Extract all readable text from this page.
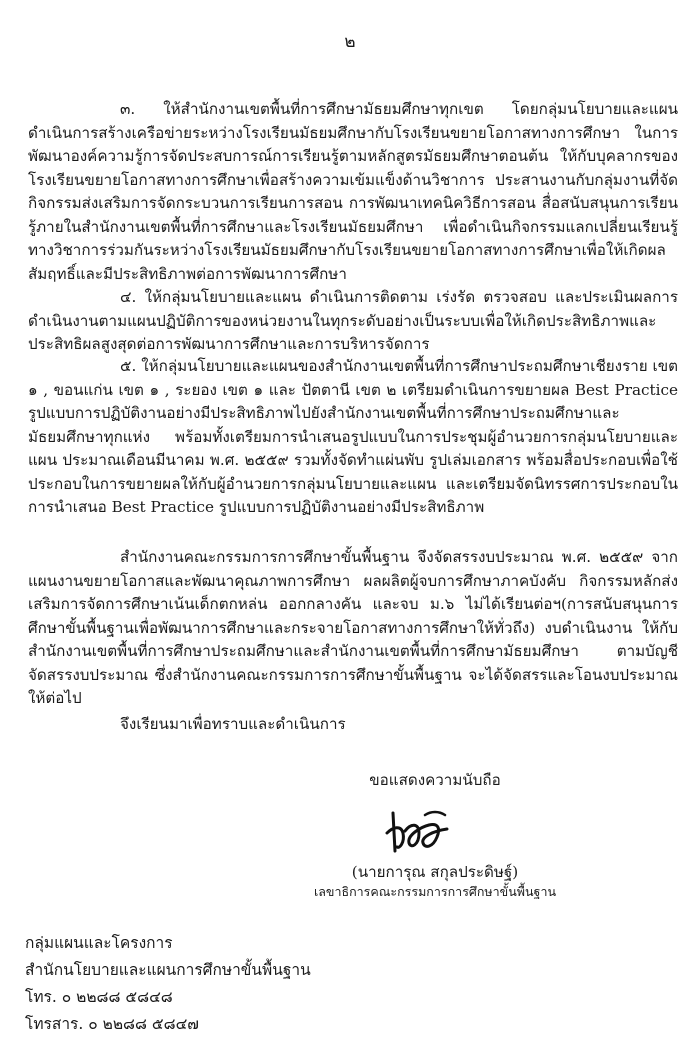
๒

๓. ให้สำนักงานเขตพื้นที่การศึกษามัธยมศึกษาทุกเขต โดยกลุ่มนโยบายและแผน ดำเนินการสร้างเครือข่ายระหว่างโรงเรียนมัธยมศึกษากับโรงเรียนขยายโอกาสทางการศึกษา ในการพัฒนาองค์ความรู้การจัดประสบการณ์การเรียนรู้ตามหลักสูตรมัธยมศึกษาตอนต้น ให้กับบุคลากรของโรงเรียนขยายโอกาสทางการศึกษาเพื่อสร้างความเข้มแข็งด้านวิชาการ ประสานงานกับกลุ่มงานที่จัดกิจกรรมส่งเสริมการจัดกระบวนการเรียนการสอน การพัฒนาเทคนิควิธีการสอน สื่อสนับสนุนการเรียนรู้ภายในสำนักงานเขตพื้นที่การศึกษาและโรงเรียนมัธยมศึกษา เพื่อดำเนินกิจกรรมแลกเปลี่ยนเรียนรู้ทางวิชาการร่วมกันระหว่างโรงเรียนมัธยมศึกษากับโรงเรียนขยายโอกาสทางการศึกษาเพื่อให้เกิดผลสัมฤทธิ์และมีประสิทธิภาพต่อการพัฒนาการศึกษา

๔. ให้กลุ่มนโยบายและแผน ดำเนินการติดตาม เร่งรัด ตรวจสอบ และประเมินผลการดำเนินงานตามแผนปฏิบัติการของหน่วยงานในทุกระดับอย่างเป็นระบบเพื่อให้เกิดประสิทธิภาพและประสิทธิผลสูงสุดต่อการพัฒนาการศึกษาและการบริหารจัดการ

๕. ให้กลุ่มนโยบายและแผนของสำนักงานเขตพื้นที่การศึกษาประถมศึกษาเชียงราย เขต ๑ , ขอนแก่น เขต ๑ , ระยอง เขต ๑ และ ปัตตานี เขต ๒ เตรียมดำเนินการขยายผล Best Practice รูปแบบการปฏิบัติงานอย่างมีประสิทธิภาพไปยังสำนักงานเขตพื้นที่การศึกษาประถมศึกษาและมัธยมศึกษาทุกแห่ง พร้อมทั้งเตรียมการนำเสนอรูปแบบในการประชุมผู้อำนวยการกลุ่มนโยบายและแผน ประมาณเดือนมีนาคม พ.ศ. ๒๕๕๙ รวมทั้งจัดทำแผ่นพับ รูปเล่มเอกสาร พร้อมสื่อประกอบเพื่อใช้ประกอบในการขยายผลให้กับผู้อำนวยการกลุ่มนโยบายและแผน และเตรียมจัดนิทรรศการประกอบในการนำเสนอ Best Practice รูปแบบการปฏิบัติงานอย่างมีประสิทธิภาพ

สำนักงานคณะกรรมการการศึกษาขั้นพื้นฐาน จึงจัดสรรงบประมาณ พ.ศ. ๒๕๕๙ จากแผนงานขยายโอกาสและพัฒนาคุณภาพการศึกษา ผลผลิตผู้จบการศึกษาภาคบังคับ กิจกรรมหลักส่งเสริมการจัดการศึกษาเน้นเด็กตกหล่น ออกกลางคัน และจบ ม.๖ ไม่ได้เรียนต่อฯ(การสนับสนุนการศึกษาขั้นพื้นฐานเพื่อพัฒนาการศึกษาและกระจายโอกาสทางการศึกษาให้ทั่วถึง) งบดำเนินงาน ให้กับสำนักงานเขตพื้นที่การศึกษาประถมศึกษาและสำนักงานเขตพื้นที่การศึกษามัธยมศึกษา ตามบัญชีจัดสรรงบประมาณ ซึ่งสำนักงานคณะกรรมการการศึกษาขั้นพื้นฐาน จะได้จัดสรรและโอนงบประมาณให้ต่อไป

จึงเรียนมาเพื่อทราบและดำเนินการ

ขอแสดงความนับถือ
(นายการุณ สกุลประดิษฐ์)
เลขาธิการคณะกรรมการการศึกษาขั้นพื้นฐาน

กลุ่มแผนและโครงการ

สำนักนโยบายและแผนการศึกษาขั้นพื้นฐาน

โทร. ๐ ๒๒๘๘ ๕๘๔๘

โทรสาร. ๐ ๒๒๘๘ ๕๘๔๗
